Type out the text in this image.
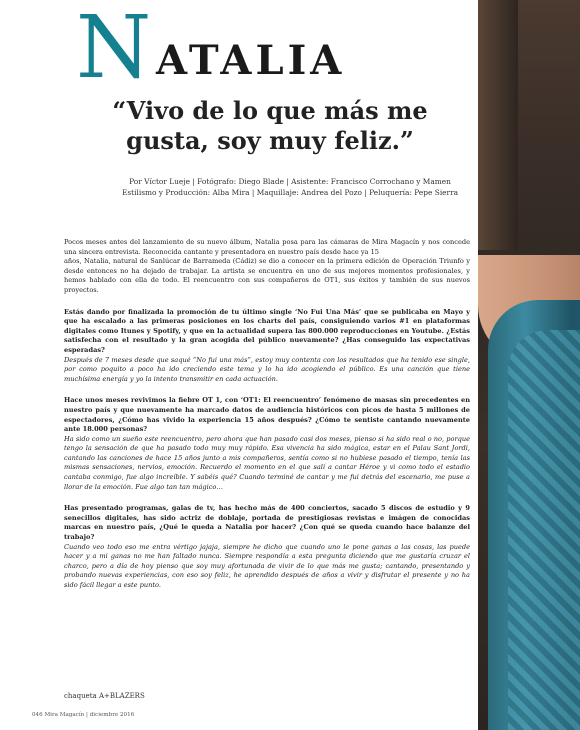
N ATALIA
“Vivo de lo que más me gusta, soy muy feliz.”
Por Víctor Lueje | Fotógrafo: Diego Blade | Asistente: Francisco Corrochano y Mamen
Estilismo y Producción: Alba Mira | Maquillaje: Andrea del Pozo | Peluquería: Pepe Sierra

Pocos meses antes del lanzamiento de su nuevo álbum, Natalia posa para las cámaras de Mira Magacín y nos concede una sincera entrevista. Reconocida cantante y presentadora en nuestro país desde hace ya 15

años, Natalia, natural de Sanlúcar de Barrameda (Cádiz) se dio a conocer en la primera edición de Operación Triunfo y desde entonces no ha dejado de trabajar. La artista se encuentra en uno de sus mejores momentos profesionales, y hemos hablado con ella de todo. El reencuentro con sus compañeros de OT1, sus éxitos y también de sus nuevos proyectos.

Estás dando por finalizada la promoción de tu último single ‘No Fui Una Más’ que se publicaba en Mayo y que ha escalado a las primeras posiciones en los charts del país, consiguiendo varios #1 en plataformas digitales como Itunes y Spotify, y que en la actualidad supera las 800.000 reproducciones en Youtube. ¿Estás satisfecha con el resultado y la gran acogida del público nuevamente? ¿Has conseguido las expectativas esperadas?

Después de 7 meses desde que saqué “No fui una más”, estoy muy contenta con los resultados que ha tenido ese single, por como poquito a poco ha ido creciendo este tema y lo ha ido acogiendo el público. Es una canción que tiene muchísima energía y yo la intento transmitir en cada actuación.

Hace unos meses revivimos la fiebre OT 1, con ‘OT1: El reencuentro’ fenómeno de masas sin precedentes en nuestro país y que nuevamente ha marcado datos de audiencia históricos con picos de hasta 5 millones de espectadores, ¿Cómo has vivido la experiencia 15 años después? ¿Cómo te sentiste cantando nuevamente ante 18.000 personas?

Ha sido como un sueño este reencuentro, pero ahora que han pasado casi dos meses, pienso si ha sido real o no, porque tengo la sensación de que ha pasado todo muy muy rápido. Esa vivencia ha sido mágica, estar en el Palau Sant Jordi, cantando las canciones de hace 15 años junto a mis compañeros, sentía como si no hubiese pasado el tiempo, tenía las mismas sensaciones, nervios, emoción. Recuerdo el momento en el que salí a cantar Héroe y vi como todo el estadio cantaba conmigo, fue algo increíble. Y sabéis qué? Cuando terminé de cantar y me fui detrás del escenario, me puse a llorar de la emoción. Fue algo tan tan mágico…

Has presentado programas, galas de tv, has hecho más de 400 conciertos, sacado 5 discos de estudio y 9 senecillos digitales, has sido actriz de doblaje, portada de prestigiosas revistas e imágen de conocidas marcas en nuestro país, ¿Qué le queda a Natalia por hacer? ¿Con qué se queda cuando hace balanze del trabajo?

Cuando veo todo eso me entra vértigo jajaja, siempre he dicho que cuando uno le pone ganas a las cosas, las puede hacer y a mi ganas no me han faltado nunca. Siempre respondía a esta pregunta diciendo que me gustaría cruzar el charco, pero a día de hoy pienso que soy muy afortunada de vivir de lo que más me gusta; cantando, presentando y probando nuevas experiencias, con eso soy feliz, he aprendido después de años a vivir y disfrutar el presente y no ha sido fácil llegar a este punto.

chaqueta A+BLAZERS
046 Mira Magacín | diciembre 2016
